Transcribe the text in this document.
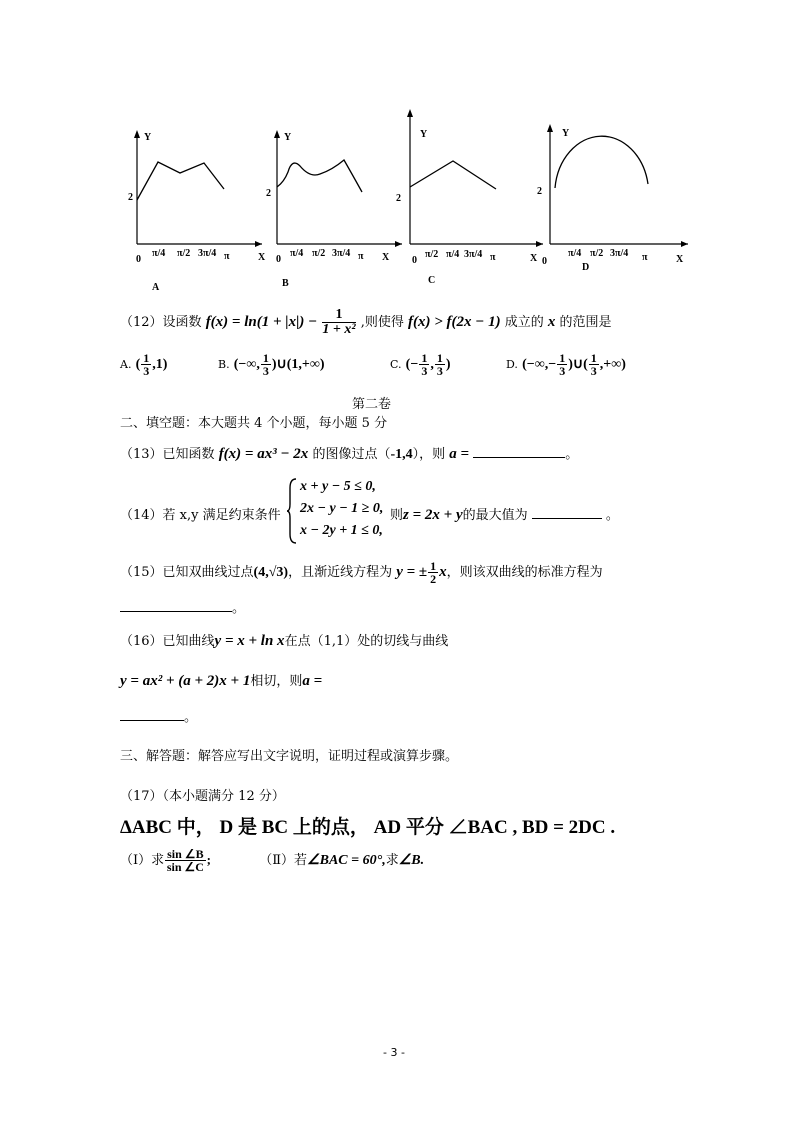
Y
2
0
π/4 π/2 3π/4 π	X
A
Y
2
0
π/4 π/2 3π/4 π X
B
Y
2
0
π/2 π/4 3π/4 π	X
C
Y
2
0
π/4 π/2 3π/4 π	X
D
（12）设函数 $f(x) = \ln(1 + |x|) - \frac{1}{\text{1 + x²}}$ ,则使得 f(x) > f(2x − 1) 成立的 x 的范围是
A. ( $\frac{1}{3} ,1$)	B. (−∞, $\frac{1}{3}$ )∪(1,+∞)	C. (− $\frac{1}{3}$ , $\frac{1}{3}$ )	D. (−∞,− $\frac{1}{3}$ )∪( $\frac{1}{3}$ ,+∞)
第二卷
二、填空题：本大题共 4 个小题，每小题 5 分
（13）已知函数 f(x) = ax³ − 2x 的图像过点（-1,4），则 a =	。
（14）若 x,y 满足约束条件
x + y − 5 ≤ 0,
2x − y − 1 ≥ 0,
x − 2y + 1 ≤ 0,
则z = 2x + y的最大值为	。
（15）已知双曲线过点(4,√3)，且渐近线方程为 y = ± $\frac{1}{2}$ x，则该双曲线的标准方程为
。
（16）已知曲线y = x + ln x在点（1,1）处的切线与曲线
y = ax² + (a + 2)x + 1相切，则a =
。
三、解答题：解答应写出文字说明，证明过程或演算步骤。
（17）（本小题满分 12 分）
ΔABC 中， D 是 BC 上的点， AD 平分 ∠BAC , BD = 2DC .
（Ⅰ）求 $\frac{\sin \angle B}{\sin \angle C}$ ;	（Ⅱ）若∠BAC = 60°,求∠B.
- 3 -
